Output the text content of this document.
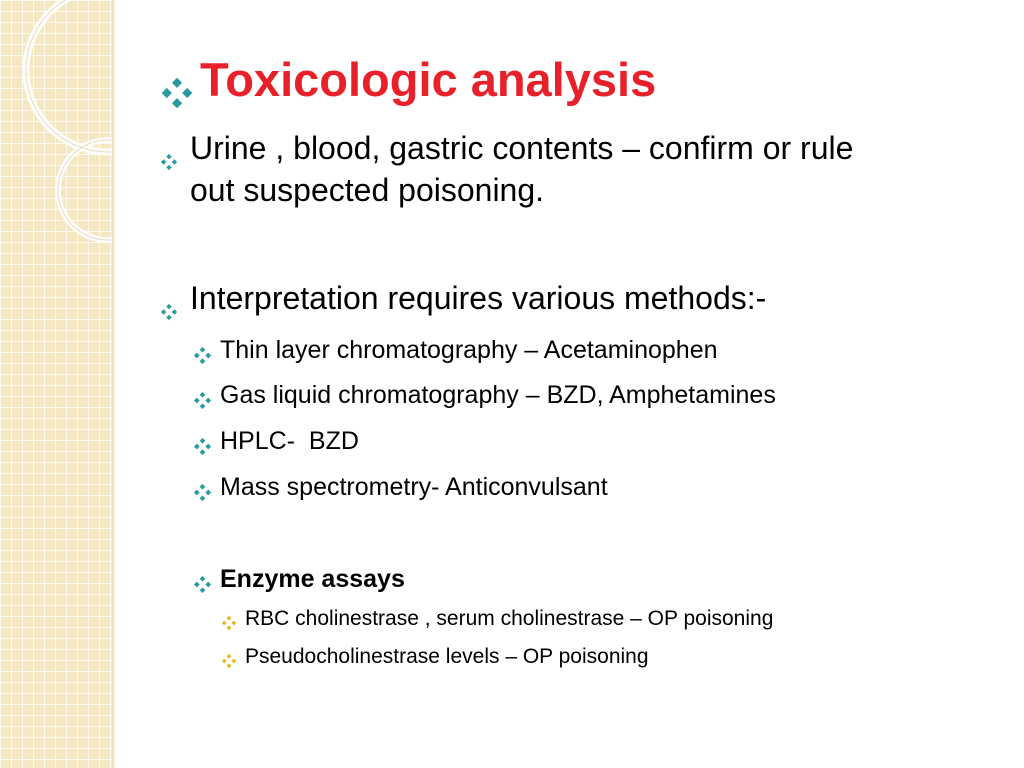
Toxicologic analysis
Urine , blood, gastric contents – confirm or rule
out suspected poisoning.
Interpretation requires various methods:-
Thin layer chromatography – Acetaminophen
Gas liquid chromatography – BZD, Amphetamines
HPLC-  BZD
Mass spectrometry- Anticonvulsant
Enzyme assays
RBC cholinestrase , serum cholinestrase – OP poisoning
Pseudocholinestrase levels – OP poisoning
